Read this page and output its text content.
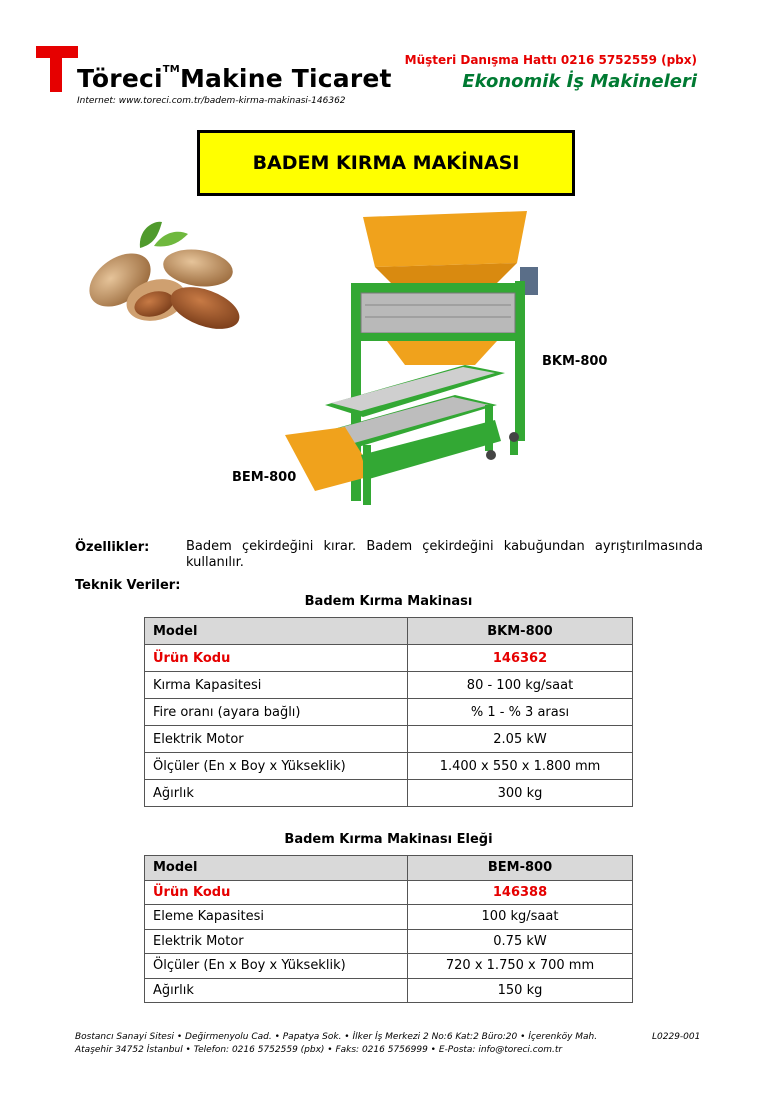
Töreci™Makine Ticaret
Internet: www.toreci.com.tr/badem-kirma-makinasi-146362
Müşteri Danışma Hattı 0216 5752559 (pbx)
Ekonomik İş Makineleri
BADEM KIRMA MAKİNASI
BKM-800
BEM-800
Özellikler:	Badem çekirdeğini kırar. Badem çekirdeğini kabuğundan ayrıştırılmasında kullanılır.
Teknik Veriler:
Badem Kırma Makinası
Model	BKM-800
Ürün Kodu	146362
Kırma Kapasitesi	80 - 100 kg/saat
Fire oranı (ayara bağlı)	% 1 - % 3 arası
Elektrik Motor	2.05 kW
Ölçüler (En x Boy x Yükseklik)	1.400 x 550 x 1.800 mm
Ağırlık	300 kg
Badem Kırma Makinası Eleği
Model	BEM-800
Ürün Kodu	146388
Eleme Kapasitesi	100 kg/saat
Elektrik Motor	0.75 kW
Ölçüler (En x Boy x Yükseklik)	720 x 1.750 x 700 mm
Ağırlık	150 kg
Bostancı Sanayi Sitesi • Değirmenyolu Cad. • Papatya Sok. • İlker İş Merkezi 2 No:6 Kat:2 Büro:20 • İçerenköy Mah.
Ataşehir 34752 İstanbul • Telefon: 0216 5752559 (pbx) • Faks: 0216 5756999 • E-Posta: info@toreci.com.tr
L0229-001
